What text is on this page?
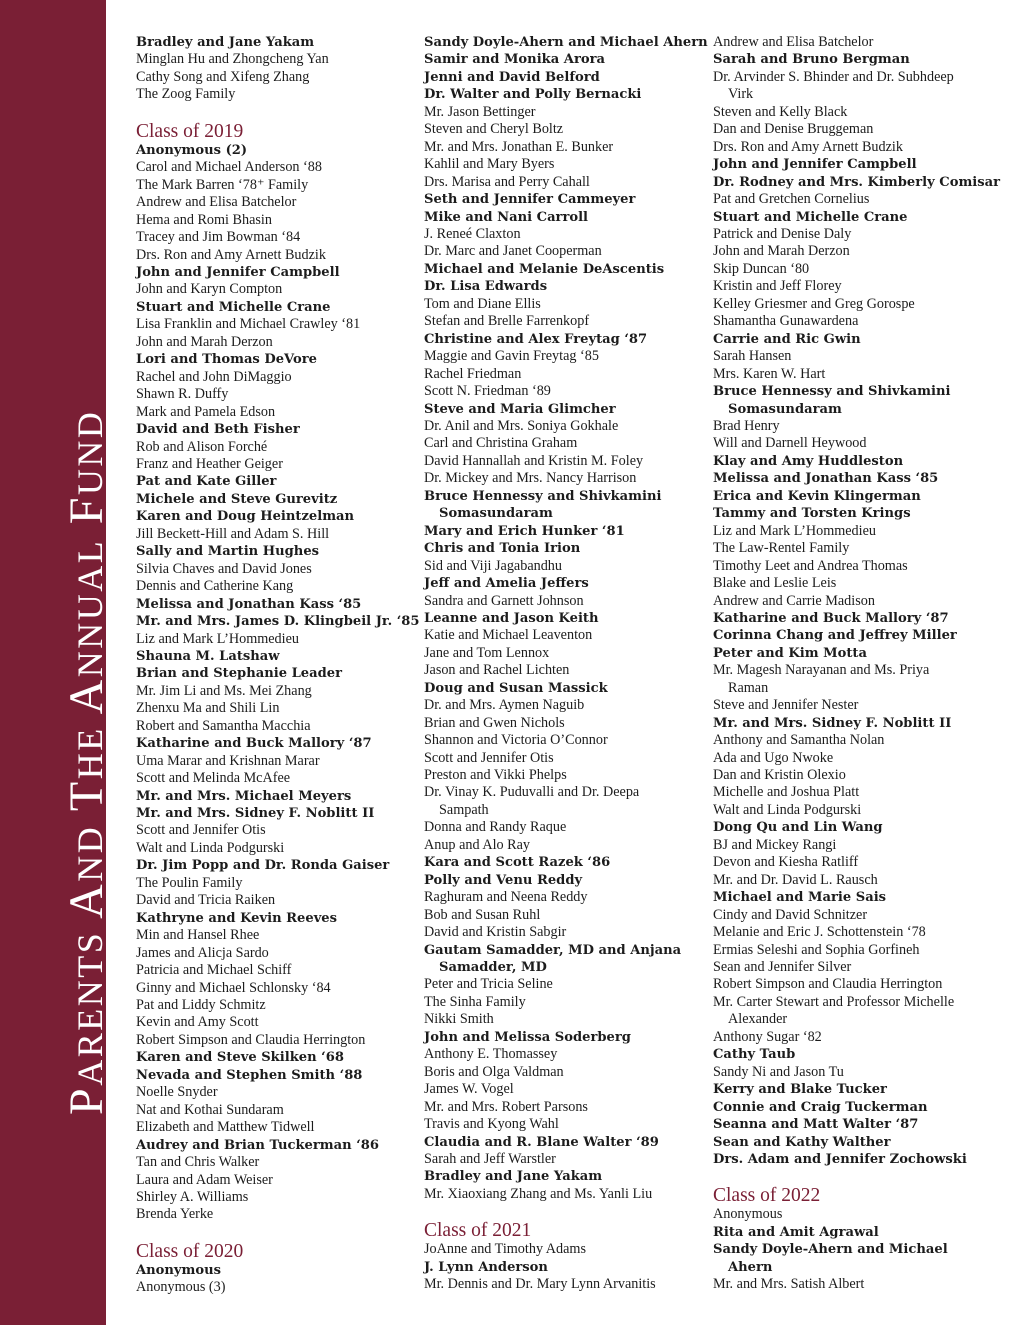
PARENTS AND THE ANNUAL FUND
Bradley and Jane Yakam
Minglan Hu and Zhongcheng Yan
Cathy Song and Xifeng Zhang
The Zoog Family
Class of 2019
Anonymous (2)
Carol and Michael Anderson ‘88
The Mark Barren ‘78⁺ Family
Andrew and Elisa Batchelor
Hema and Romi Bhasin
Tracey and Jim Bowman ‘84
Drs. Ron and Amy Arnett Budzik
John and Jennifer Campbell
John and Karyn Compton
Stuart and Michelle Crane
Lisa Franklin and Michael Crawley ‘81
John and Marah Derzon
Lori and Thomas DeVore
Rachel and John DiMaggio
Shawn R. Duffy
Mark and Pamela Edson
David and Beth Fisher
Rob and Alison Forché
Franz and Heather Geiger
Pat and Kate Giller
Michele and Steve Gurevitz
Karen and Doug Heintzelman
Jill Beckett-Hill and Adam S. Hill
Sally and Martin Hughes
Silvia Chaves and David Jones
Dennis and Catherine Kang
Melissa and Jonathan Kass ‘85
Mr. and Mrs. James D. Klingbeil Jr. ‘85
Liz and Mark L’Hommedieu
Shauna M. Latshaw
Brian and Stephanie Leader
Mr. Jim Li and Ms. Mei Zhang
Zhenxu Ma and Shili Lin
Robert and Samantha Macchia
Katharine and Buck Mallory ‘87
Uma Marar and Krishnan Marar
Scott and Melinda McAfee
Mr. and Mrs. Michael Meyers
Mr. and Mrs. Sidney F. Noblitt II
Scott and Jennifer Otis
Walt and Linda Podgurski
Dr. Jim Popp and Dr. Ronda Gaiser
The Poulin Family
David and Tricia Raiken
Kathryne and Kevin Reeves
Min and Hansel Rhee
James and Alicja Sardo
Patricia and Michael Schiff
Ginny and Michael Schlonsky ‘84
Pat and Liddy Schmitz
Kevin and Amy Scott
Robert Simpson and Claudia Herrington
Karen and Steve Skilken ‘68
Nevada and Stephen Smith ‘88
Noelle Snyder
Nat and Kothai Sundaram
Elizabeth and Matthew Tidwell
Audrey and Brian Tuckerman ‘86
Tan and Chris Walker
Laura and Adam Weiser
Shirley A. Williams
Brenda Yerke
Class of 2020
Anonymous
Anonymous (3)
Sandy Doyle-Ahern and Michael Ahern
Samir and Monika Arora
Jenni and David Belford
Dr. Walter and Polly Bernacki
Mr. Jason Bettinger
Steven and Cheryl Boltz
Mr. and Mrs. Jonathan E. Bunker
Kahlil and Mary Byers
Drs. Marisa and Perry Cahall
Seth and Jennifer Cammeyer
Mike and Nani Carroll
J. Reneé Claxton
Dr. Marc and Janet Cooperman
Michael and Melanie DeAscentis
Dr. Lisa Edwards
Tom and Diane Ellis
Stefan and Brelle Farrenkopf
Christine and Alex Freytag ‘87
Maggie and Gavin Freytag ‘85
Rachel Friedman
Scott N. Friedman ‘89
Steve and Maria Glimcher
Dr. Anil and Mrs. Soniya Gokhale
Carl and Christina Graham
David Hannallah and Kristin M. Foley
Dr. Mickey and Mrs. Nancy Harrison
Bruce Hennessy and Shivkamini
Somasundaram
Mary and Erich Hunker ‘81
Chris and Tonia Irion
Sid and Viji Jagabandhu
Jeff and Amelia Jeffers
Sandra and Garnett Johnson
Leanne and Jason Keith
Katie and Michael Leaventon
Jane and Tom Lennox
Jason and Rachel Lichten
Doug and Susan Massick
Dr. and Mrs. Aymen Naguib
Brian and Gwen Nichols
Shannon and Victoria O’Connor
Scott and Jennifer Otis
Preston and Vikki Phelps
Dr. Vinay K. Puduvalli and Dr. Deepa
Sampath
Donna and Randy Raque
Anup and Alo Ray
Kara and Scott Razek ‘86
Polly and Venu Reddy
Raghuram and Neena Reddy
Bob and Susan Ruhl
David and Kristin Sabgir
Gautam Samadder, MD and Anjana
Samadder, MD
Peter and Tricia Seline
The Sinha Family
Nikki Smith
John and Melissa Soderberg
Anthony E. Thomassey
Boris and Olga Valdman
James W. Vogel
Mr. and Mrs. Robert Parsons
Travis and Kyong Wahl
Claudia and R. Blane Walter ‘89
Sarah and Jeff Warstler
Bradley and Jane Yakam
Mr. Xiaoxiang Zhang and Ms. Yanli Liu
Class of 2021
JoAnne and Timothy Adams
J. Lynn Anderson
Mr. Dennis and Dr. Mary Lynn Arvanitis
Andrew and Elisa Batchelor
Sarah and Bruno Bergman
Dr. Arvinder S. Bhinder and Dr. Subhdeep
Virk
Steven and Kelly Black
Dan and Denise Bruggeman
Drs. Ron and Amy Arnett Budzik
John and Jennifer Campbell
Dr. Rodney and Mrs. Kimberly Comisar
Pat and Gretchen Cornelius
Stuart and Michelle Crane
Patrick and Denise Daly
John and Marah Derzon
Skip Duncan ‘80
Kristin and Jeff Florey
Kelley Griesmer and Greg Gorospe
Shamantha Gunawardena
Carrie and Ric Gwin
Sarah Hansen
Mrs. Karen W. Hart
Bruce Hennessy and Shivkamini
Somasundaram
Brad Henry
Will and Darnell Heywood
Klay and Amy Huddleston
Melissa and Jonathan Kass ‘85
Erica and Kevin Klingerman
Tammy and Torsten Krings
Liz and Mark L’Hommedieu
The Law-Rentel Family
Timothy Leet and Andrea Thomas
Blake and Leslie Leis
Andrew and Carrie Madison
Katharine and Buck Mallory ‘87
Corinna Chang and Jeffrey Miller
Peter and Kim Motta
Mr. Magesh Narayanan and Ms. Priya
Raman
Steve and Jennifer Nester
Mr. and Mrs. Sidney F. Noblitt II
Anthony and Samantha Nolan
Ada and Ugo Nwoke
Dan and Kristin Olexio
Michelle and Joshua Platt
Walt and Linda Podgurski
Dong Qu and Lin Wang
BJ and Mickey Rangi
Devon and Kiesha Ratliff
Mr. and Dr. David L. Rausch
Michael and Marie Sais
Cindy and David Schnitzer
Melanie and Eric J. Schottenstein ‘78
Ermias Seleshi and Sophia Gorfineh
Sean and Jennifer Silver
Robert Simpson and Claudia Herrington
Mr. Carter Stewart and Professor Michelle
Alexander
Anthony Sugar ‘82
Cathy Taub
Sandy Ni and Jason Tu
Kerry and Blake Tucker
Connie and Craig Tuckerman
Seanna and Matt Walter ‘87
Sean and Kathy Walther
Drs. Adam and Jennifer Zochowski
Class of 2022
Anonymous
Rita and Amit Agrawal
Sandy Doyle-Ahern and Michael
Ahern
Mr. and Mrs. Satish Albert
